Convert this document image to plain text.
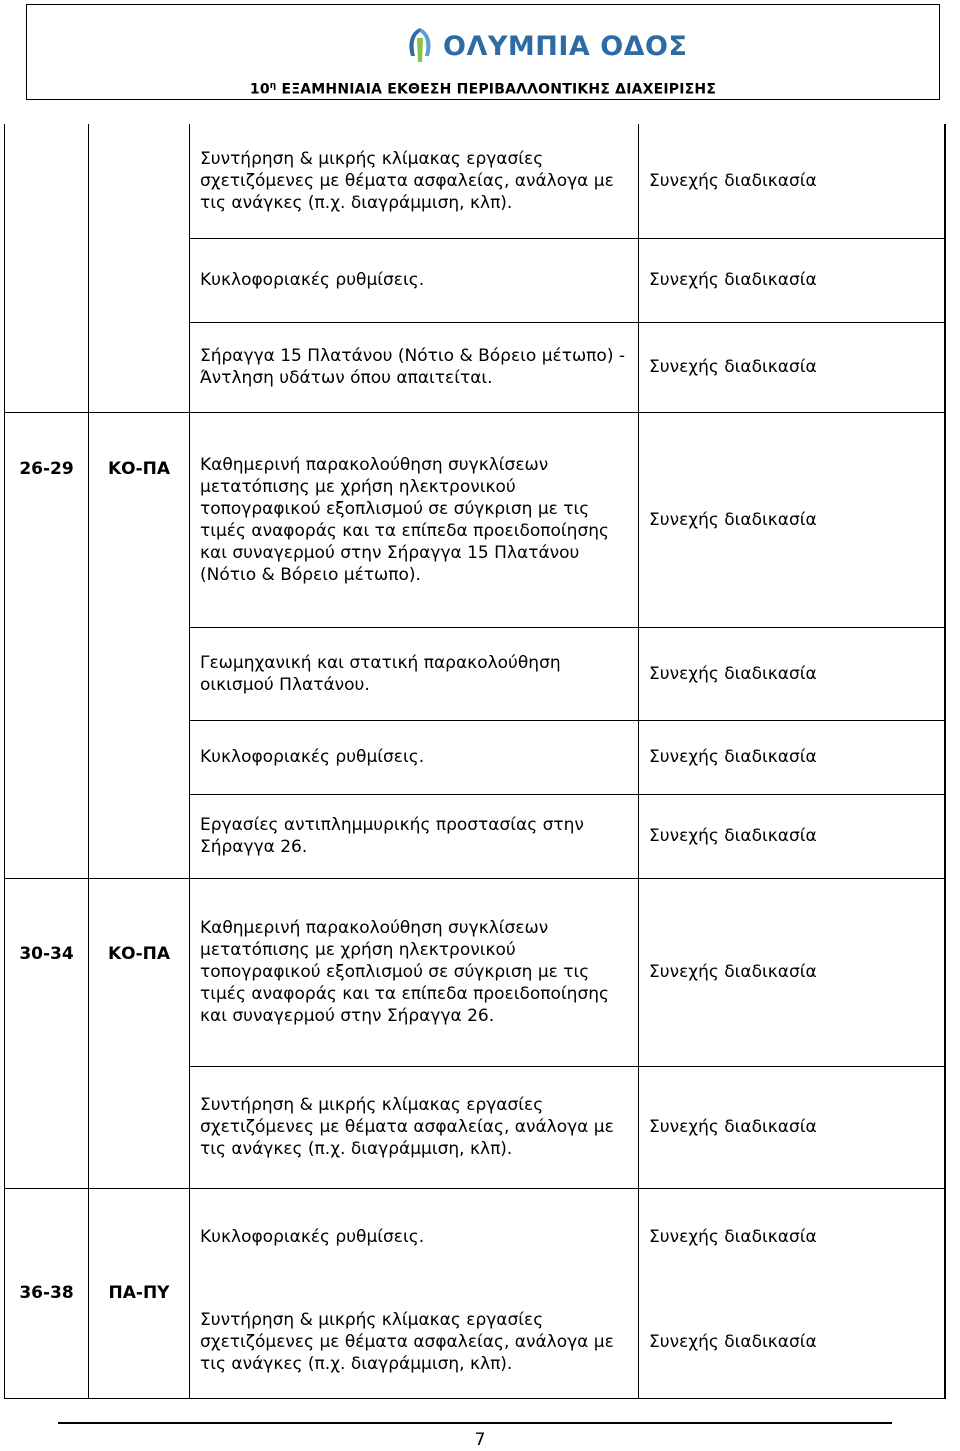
ΟΛΥΜΠΙΑ ΟΔΟΣ
$10^\eta$ ΕΞΑΜΗΝΙΑΙΑ ΕΚΘΕΣΗ ΠΕΡΙΒΑΛΛΟΝΤΙΚΗΣ ΔΙΑΧΕΙΡΙΣΗΣ
		Συντήρηση & μικρής κλίμακας εργασίες σχετιζόμενες με θέματα ασφαλείας, ανάλογα με τις ανάγκες (π.χ. διαγράμμιση, κλπ).	Συνεχής διαδικασία
		Κυκλοφοριακές ρυθμίσεις.	Συνεχής διαδικασία
		Σήραγγα 15 Πλατάνου (Νότιο & Βόρειο μέτωπο) - Άντληση υδάτων όπου απαιτείται.	Συνεχής διαδικασία
26-29	ΚΟ-ΠΑ	Καθημερινή παρακολούθηση συγκλίσεων μετατόπισης με χρήση ηλεκτρονικού τοπογραφικού εξοπλισμού σε σύγκριση με τις τιμές αναφοράς και τα επίπεδα προειδοποίησης και συναγερμού στην Σήραγγα 15 Πλατάνου (Νότιο & Βόρειο μέτωπο).	Συνεχής διαδικασία
		Γεωμηχανική και στατική παρακολούθηση οικισμού Πλατάνου.	Συνεχής διαδικασία
		Κυκλοφοριακές ρυθμίσεις.	Συνεχής διαδικασία
		Εργασίες αντιπλημμυρικής προστασίας στην Σήραγγα 26.	Συνεχής διαδικασία
30-34	ΚΟ-ΠΑ	Καθημερινή παρακολούθηση συγκλίσεων μετατόπισης με χρήση ηλεκτρονικού τοπογραφικού εξοπλισμού σε σύγκριση με τις τιμές αναφοράς και τα επίπεδα προειδοποίησης και συναγερμού στην Σήραγγα 26.	Συνεχής διαδικασία
		Συντήρηση & μικρής κλίμακας εργασίες σχετιζόμενες με θέματα ασφαλείας, ανάλογα με τις ανάγκες (π.χ. διαγράμμιση, κλπ).	Συνεχής διαδικασία
36-38	ΠΑ-ΠΥ	Κυκλοφοριακές ρυθμίσεις.	Συνεχής διαδικασία
		Συντήρηση & μικρής κλίμακας εργασίες σχετιζόμενες με θέματα ασφαλείας, ανάλογα με τις ανάγκες (π.χ. διαγράμμιση, κλπ).	Συνεχής διαδικασία
7
